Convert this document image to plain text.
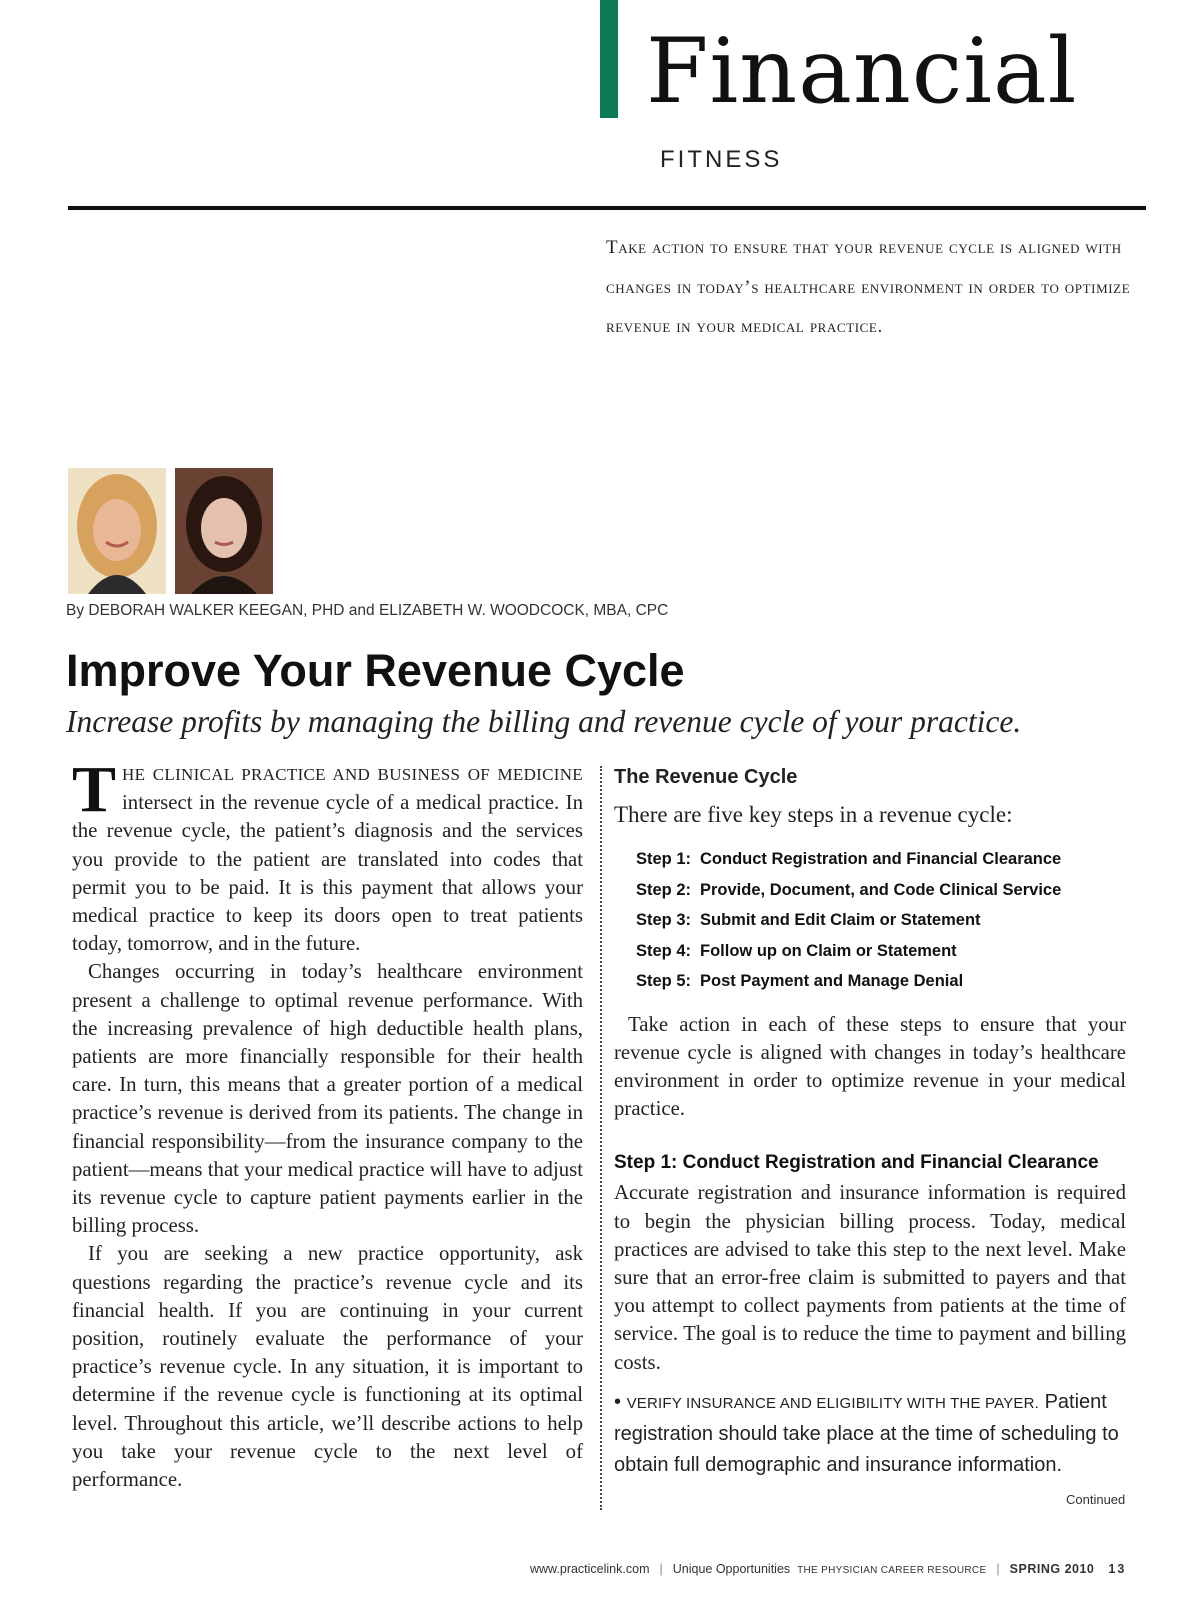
Financial
FITNESS
Take action to ensure that your revenue cycle is aligned with changes in today’s healthcare environment in order to optimize revenue in your medical practice.
By DEBORAH WALKER KEEGAN, PHD and ELIZABETH W. WOODCOCK, MBA, CPC
Improve Your Revenue Cycle
Increase profits by managing the billing and revenue cycle of your practice.

THE CLINICAL PRACTICE AND BUSINESS OF MEDICINE intersect in the revenue cycle of a medical practice. In the revenue cycle, the patient’s diagnosis and the services you provide to the patient are translated into codes that permit you to be paid. It is this payment that allows your medical practice to keep its doors open to treat patients today, tomorrow, and in the future.

Changes occurring in today’s healthcare environment present a challenge to optimal revenue performance. With the increasing prevalence of high deductible health plans, patients are more financially responsible for their health care. In turn, this means that a greater portion of a medical practice’s revenue is derived from its patients. The change in financial responsibility—from the insurance company to the patient—means that your medical practice will have to adjust its revenue cycle to capture patient payments earlier in the billing process.

If you are seeking a new practice opportunity, ask questions regarding the practice’s revenue cycle and its financial health. If you are continuing in your current position, routinely evaluate the performance of your practice’s revenue cycle. In any situation, it is important to determine if the revenue cycle is functioning at its optimal level. Throughout this article, we’ll describe actions to help you take your revenue cycle to the next level of performance.

The Revenue Cycle

There are five key steps in a revenue cycle:

Step 1: Conduct Registration and Financial Clearance
Step 2: Provide, Document, and Code Clinical Service
Step 3: Submit and Edit Claim or Statement
Step 4: Follow up on Claim or Statement
Step 5: Post Payment and Manage Denial

Take action in each of these steps to ensure that your revenue cycle is aligned with changes in today’s healthcare environment in order to optimize revenue in your medical practice.

Step 1: Conduct Registration and Financial Clearance

Accurate registration and insurance information is required to begin the physician billing process. Today, medical practices are advised to take this step to the next level. Make sure that an error-free claim is submitted to payers and that you attempt to collect payments from patients at the time of service. The goal is to reduce the time to payment and billing costs.

• VERIFY INSURANCE AND ELIGIBILITY WITH THE PAYER. Patient registration should take place at the time of scheduling to obtain full demographic and insurance information.

Continued
www.practicelink.com | Unique Opportunities THE PHYSICIAN CAREER RESOURCE | SPRING 2010 13
